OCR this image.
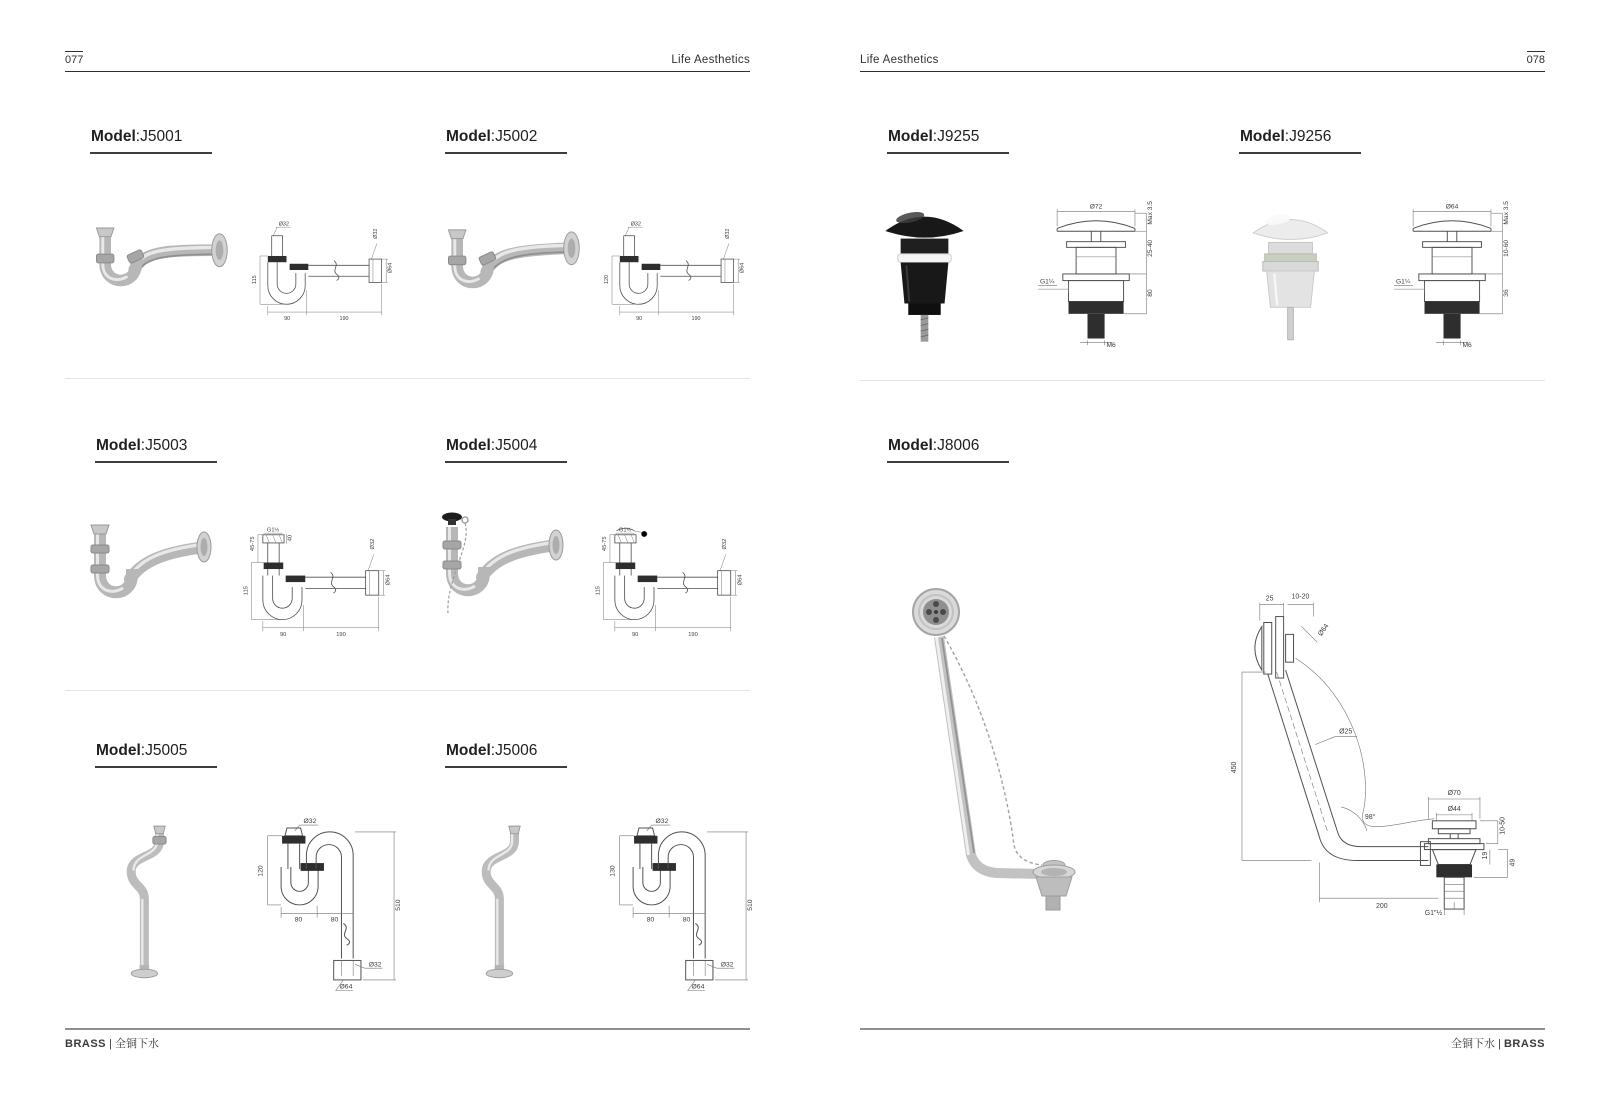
077	Life Aesthetics
Model:J5001	Model:J5002
Model:J5003	Model:J5004
Model:J5005	Model:J5006
Ø32
Ø32
Ø64
115
90	190
Ø32
Ø32
Ø64
120
90	190
G1½
40
45-75	Ø32
Ø64
115
90	190
G1½
45-75	Ø32
Ø64
115
90	190
Ø32
Ø32
Ø64
120
80	80
510
Ø32
Ø32
Ø64
130
80	80
510
BRASS | 全铜下水
Life Aesthetics	078
Model:J9255	Model:J9256
Model:J8006
Ø72	Max 3.5
25-40
80
G1¼
M6
Ø64	Max 3.5
10-60
36
G1¼
M6
25	10-20
Ø64
Ø25
450
98°
Ø70
Ø44
10-50
19
49
200
G1"½
全铜下水 | BRASS
